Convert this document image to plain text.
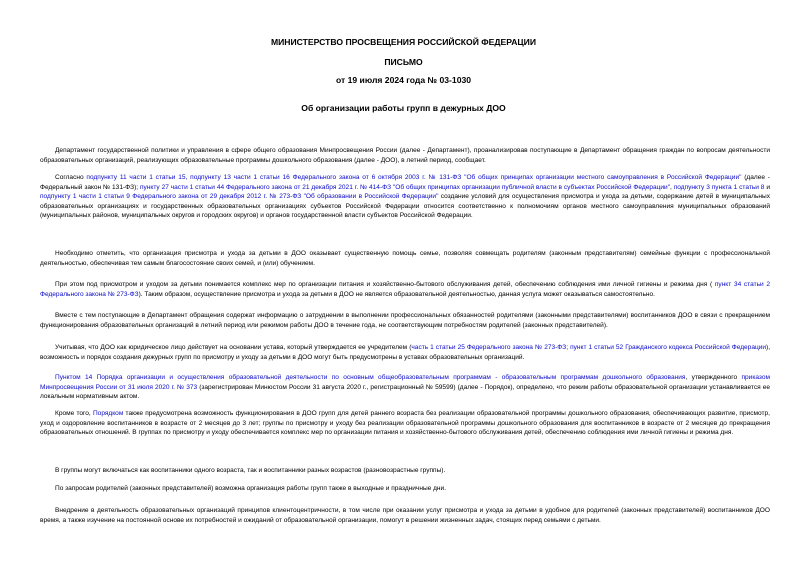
МИНИСТЕРСТВО ПРОСВЕЩЕНИЯ РОССИЙСКОЙ ФЕДЕРАЦИИ
ПИСЬМО
от 19 июля 2024 года № 03-1030
Об организации работы групп в дежурных ДОО

Департамент государственной политики и управления в сфере общего образования Минпросвещения России (далее - Департамент), проанализировав поступающие в Департамент обращения граждан по вопросам деятельности образовательных организаций, реализующих образовательные программы дошкольного образования (далее - ДОО), в летний период, сообщает.

Согласно подпункту 11 части 1 статьи 15, подпункту 13 части 1 статьи 16 Федерального закона от 6 октября 2003 г. № 131-ФЗ "Об общих принципах организации местного самоуправления в Российской Федерации" (далее - Федеральный закон № 131-ФЗ); пункту 27 части 1 статьи 44 Федерального закона от 21 декабря 2021 г. № 414-ФЗ "Об общих принципах организации публичной власти в субъектах Российской Федерации", подпункту 3 пункта 1 статьи 8 и подпункту 1 части 1 статьи 9 Федерального закона от 29 декабря 2012 г. № 273-ФЗ "Об образовании в Российской Федерации" создание условий для осуществления присмотра и ухода за детьми, содержание детей в муниципальных образовательных организациях и государственных образовательных организациях субъектов Российской Федерации относится соответственно к полномочиям органов местного самоуправления муниципальных образований (муниципальных районов, муниципальных округов и городских округов) и органов государственной власти субъектов Российской Федерации.

Необходимо отметить, что организация присмотра и ухода за детьми в ДОО оказывает существенную помощь семье, позволяя совмещать родителям (законным представителям) семейные функции с профессиональной деятельностью, обеспечивая тем самым благосостояние своих семей, и (или) обучением.

При этом под присмотром и уходом за детьми понимается комплекс мер по организации питания и хозяйственно-бытового обслуживания детей, обеспечению соблюдения ими личной гигиены и режима дня ( пункт 34 статьи 2 Федерального закона № 273-ФЗ). Таким образом, осуществление присмотра и ухода за детьми в ДОО не является образовательной деятельностью, данная услуга может оказываться самостоятельно.

Вместе с тем поступающие в Департамент обращения содержат информацию о затруднении в выполнении профессиональных обязанностей родителями (законными представителями) воспитанников ДОО в связи с прекращением функционирования образовательных организаций в летний период или режимом работы ДОО в течение года, не соответствующим потребностям родителей (законных представителей).

Учитывая, что ДОО как юридическое лицо действует на основании устава, который утверждается ее учредителем (часть 1 статьи 25 Федерального закона № 273-ФЗ; пункт 1 статьи 52 Гражданского кодекса Российской Федерации), возможность и порядок создания дежурных групп по присмотру и уходу за детьми в ДОО могут быть предусмотрены в уставах образовательных организаций.

Пунктом 14 Порядка организации и осуществления образовательной деятельности по основным общеобразовательным программам - образовательным программам дошкольного образования, утвержденного приказом Минпросвещения России от 31 июля 2020 г. № 373 (зарегистрирован Минюстом России 31 августа 2020 г., регистрационный № 59599) (далее - Порядок), определено, что режим работы образовательной организации устанавливается ее локальным нормативным актом.

Кроме того, Порядком также предусмотрена возможность функционирования в ДОО групп для детей раннего возраста без реализации образовательной программы дошкольного образования, обеспечивающих развитие, присмотр, уход и оздоровление воспитанников в возрасте от 2 месяцев до 3 лет; группы по присмотру и уходу без реализации образовательной программы дошкольного образования для воспитанников в возрасте от 2 месяцев до прекращения образовательных отношений. В группах по присмотру и уходу обеспечивается комплекс мер по организации питания и хозяйственно-бытового обслуживания детей, обеспечению соблюдения ими личной гигиены и режима дня.

В группы могут включаться как воспитанники одного возраста, так и воспитанники разных возрастов (разновозрастные группы).

По запросам родителей (законных представителей) возможна организация работы групп также в выходные и праздничные дни.

Внедрение в деятельность образовательных организаций принципов клиентоцентричности, в том числе при оказании услуг присмотра и ухода за детьми в удобное для родителей (законных представителей) воспитанников ДОО время, а также изучение на постоянной основе их потребностей и ожиданий от образовательной организации, помогут в решении жизненных задач, стоящих перед семьями с детьми.
